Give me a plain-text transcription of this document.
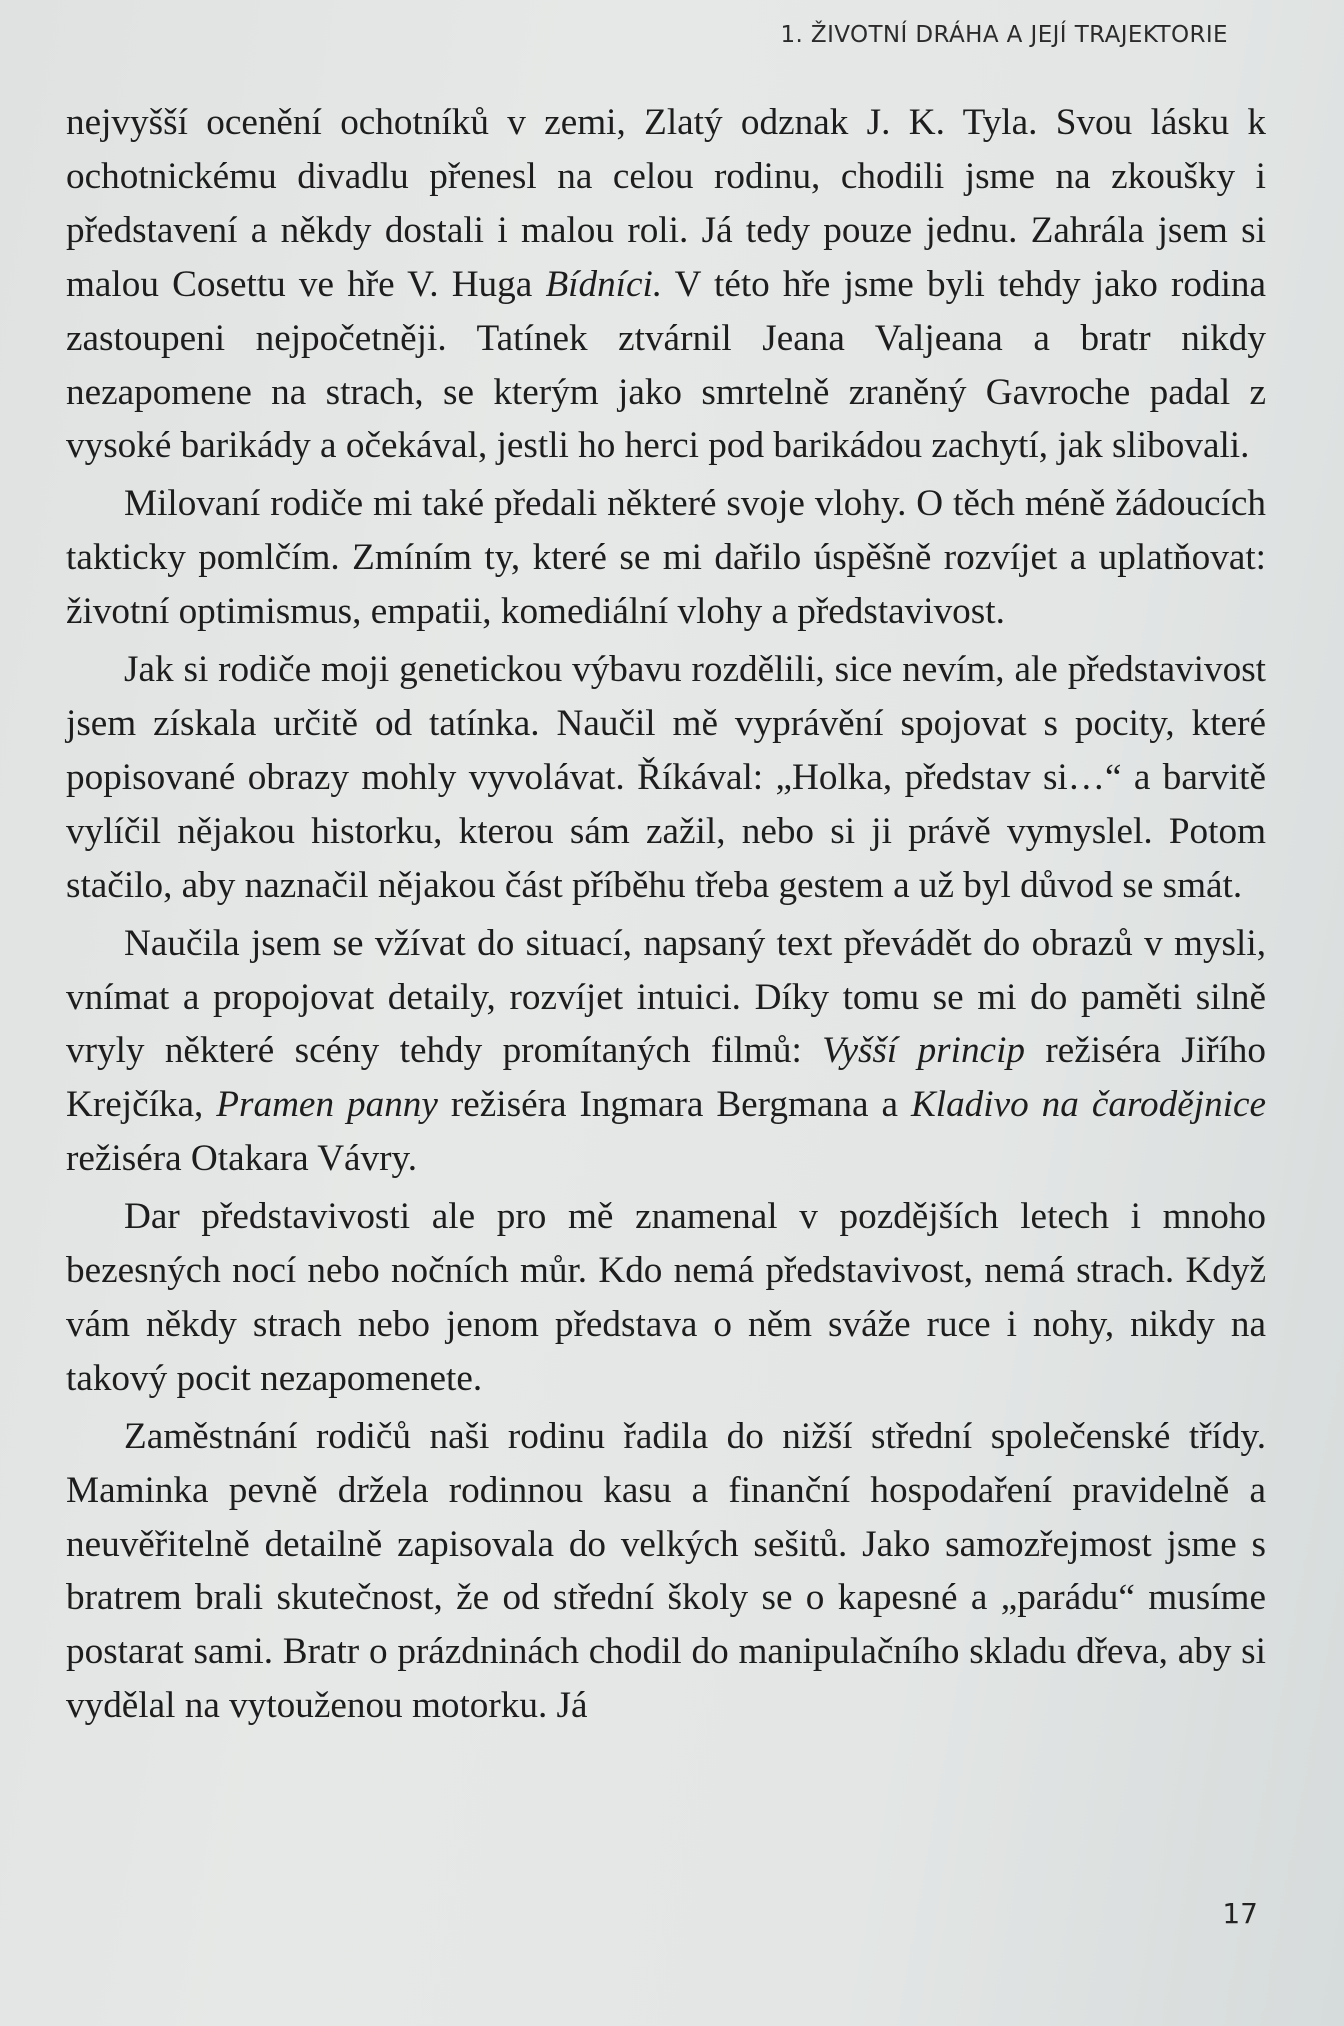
1. ŽIVOTNÍ DRÁHA A JEJÍ TRAJEKTORIE

nejvyšší ocenění ochotníků v zemi, Zlatý odznak J. K. Tyla. Svou lásku k ochotnickému divadlu přenesl na celou rodinu, chodili jsme na zkoušky i představení a někdy dostali i malou roli. Já tedy pouze jednu. Zahrála jsem si malou Cosettu ve hře V. Huga Bídníci. V této hře jsme byli tehdy jako rodina zastoupeni nejpočetněji. Tatínek ztvárnil Jeana Valjeana a bratr nikdy nezapomene na strach, se kterým jako smrtelně zraněný Gavroche padal z vysoké barikády a očekával, jestli ho herci pod barikádou zachytí, jak slibovali.

Milovaní rodiče mi také předali některé svoje vlohy. O těch méně žádoucích takticky pomlčím. Zmíním ty, které se mi dařilo úspěšně rozvíjet a uplatňovat: životní optimismus, empatii, komediální vlohy a představivost.

Jak si rodiče moji genetickou výbavu rozdělili, sice nevím, ale představivost jsem získala určitě od tatínka. Naučil mě vyprávění spojovat s pocity, které popisované obrazy mohly vyvolávat. Říkával: „Holka, představ si…“ a barvitě vylíčil nějakou historku, kterou sám zažil, nebo si ji právě vymyslel. Potom stačilo, aby naznačil nějakou část příběhu třeba gestem a už byl důvod se smát.

Naučila jsem se vžívat do situací, napsaný text převádět do obrazů v mysli, vnímat a propojovat detaily, rozvíjet intuici. Díky tomu se mi do paměti silně vryly některé scény tehdy promítaných filmů: Vyšší princip režiséra Jiřího Krejčíka, Pramen panny režiséra Ingmara Bergmana a Kladivo na čarodějnice režiséra Otakara Vávry.

Dar představivosti ale pro mě znamenal v pozdějších letech i mnoho bezesných nocí nebo nočních můr. Kdo nemá představivost, nemá strach. Když vám někdy strach nebo jenom představa o něm sváže ruce i nohy, nikdy na takový pocit nezapomenete.

Zaměstnání rodičů naši rodinu řadila do nižší střední společenské třídy. Maminka pevně držela rodinnou kasu a finanční hospodaření pravidelně a neuvěřitelně detailně zapisovala do velkých sešitů. Jako samozřejmost jsme s bratrem brali skutečnost, že od střední školy se o kapesné a „parádu“ musíme postarat sami. Bratr o prázdninách chodil do manipulačního skladu dřeva, aby si vydělal na vytouženou motorku. Já

17
